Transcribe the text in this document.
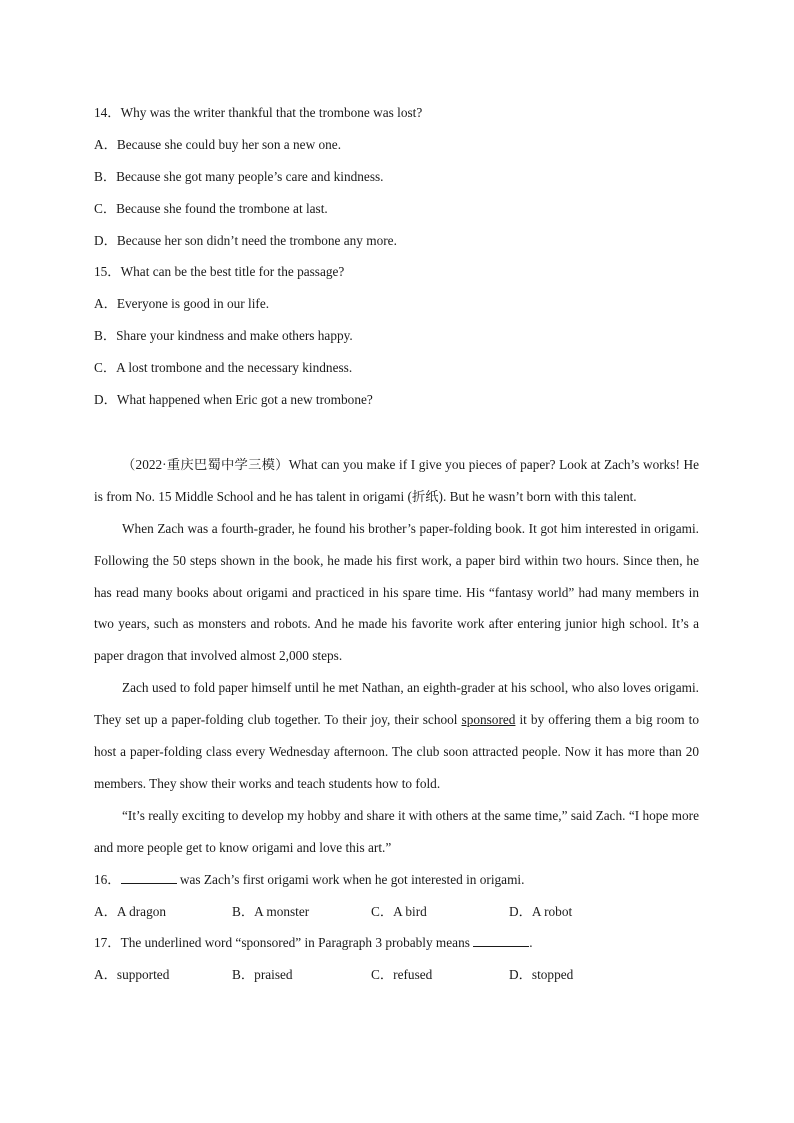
14．Why was the writer thankful that the trombone was lost?
A．Because she could buy her son a new one.
B．Because she got many people’s care and kindness.
C．Because she found the trombone at last.
D．Because her son didn’t need the trombone any more.
15．What can be the best title for the passage?
A．Everyone is good in our life.
B．Share your kindness and make others happy.
C．A lost trombone and the necessary kindness.
D．What happened when Eric got a new trombone?

（2022·重庆巴蜀中学三模）What can you make if I give you pieces of paper? Look at Zach’s works! He is from No. 15 Middle School and he has talent in origami (折纸). But he wasn’t born with this talent.

When Zach was a fourth-grader, he found his brother’s paper-folding book. It got him interested in origami. Following the 50 steps shown in the book, he made his first work, a paper bird within two hours. Since then, he has read many books about origami and practiced in his spare time. His “fantasy world” had many members in two years, such as monsters and robots. And he made his favorite work after entering junior high school. It’s a paper dragon that involved almost 2,000 steps.

Zach used to fold paper himself until he met Nathan, an eighth-grader at his school, who also loves origami. They set up a paper-folding club together. To their joy, their school sponsored it by offering them a big room to host a paper-folding class every Wednesday afternoon. The club soon attracted people. Now it has more than 20 members. They show their works and teach students how to fold.

“It’s really exciting to develop my hobby and share it with others at the same time,” said Zach. “I hope more and more people get to know origami and love this art.”

16．	was Zach’s first origami work when he got interested in origami.
A．A dragon	B．A monster	C．A bird	D．A robot
17．The underlined word “sponsored” in Paragraph 3 probably means	.
A．supported	B．praised	C．refused	D．stopped
